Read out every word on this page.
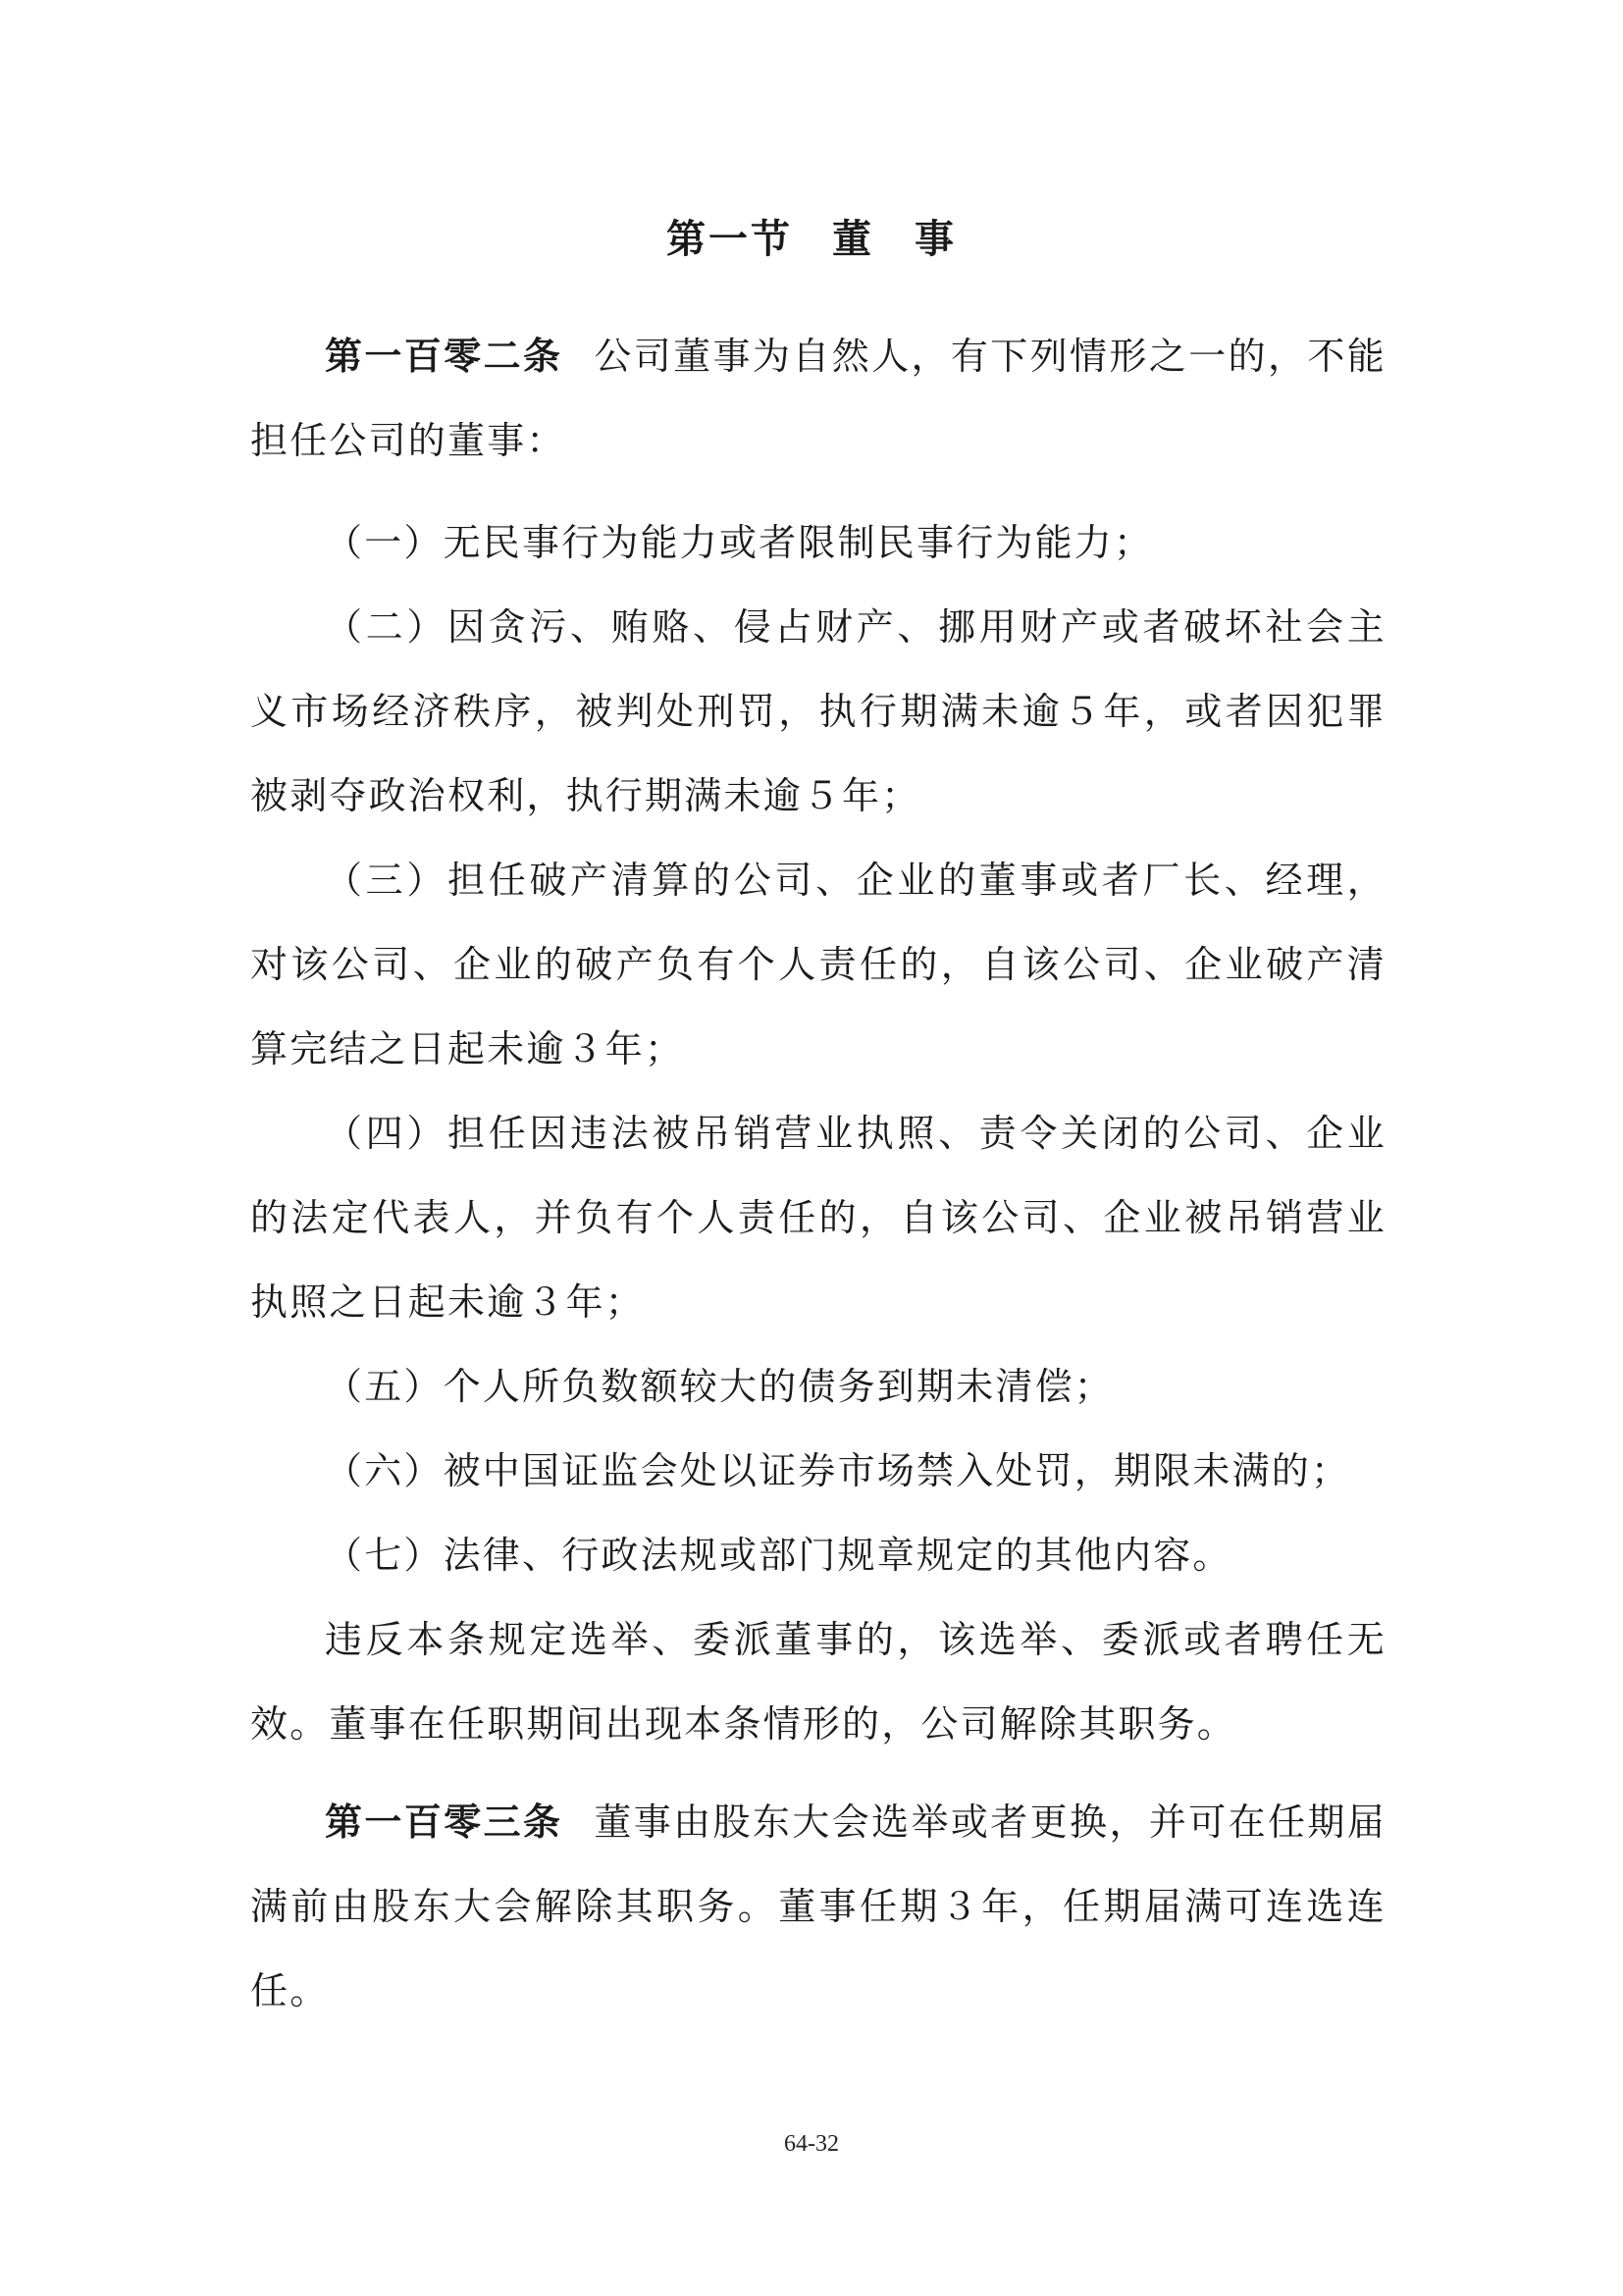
第一节 董 事

第一百零二条 公司董事为自然人，有下列情形之一的，不能担任公司的董事：

（一）无民事行为能力或者限制民事行为能力；

（二）因贪污、贿赂、侵占财产、挪用财产或者破坏社会主义市场经济秩序，被判处刑罚，执行期满未逾５年，或者因犯罪被剥夺政治权利，执行期满未逾５年；

（三）担任破产清算的公司、企业的董事或者厂长、经理，对该公司、企业的破产负有个人责任的，自该公司、企业破产清算完结之日起未逾３年；

（四）担任因违法被吊销营业执照、责令关闭的公司、企业的法定代表人，并负有个人责任的，自该公司、企业被吊销营业执照之日起未逾３年；

（五）个人所负数额较大的债务到期未清偿；

（六）被中国证监会处以证券市场禁入处罚，期限未满的；

（七）法律、行政法规或部门规章规定的其他内容。

违反本条规定选举、委派董事的，该选举、委派或者聘任无效。董事在任职期间出现本条情形的，公司解除其职务。

第一百零三条 董事由股东大会选举或者更换，并可在任期届满前由股东大会解除其职务。董事任期３年，任期届满可连选连任。

64-32
